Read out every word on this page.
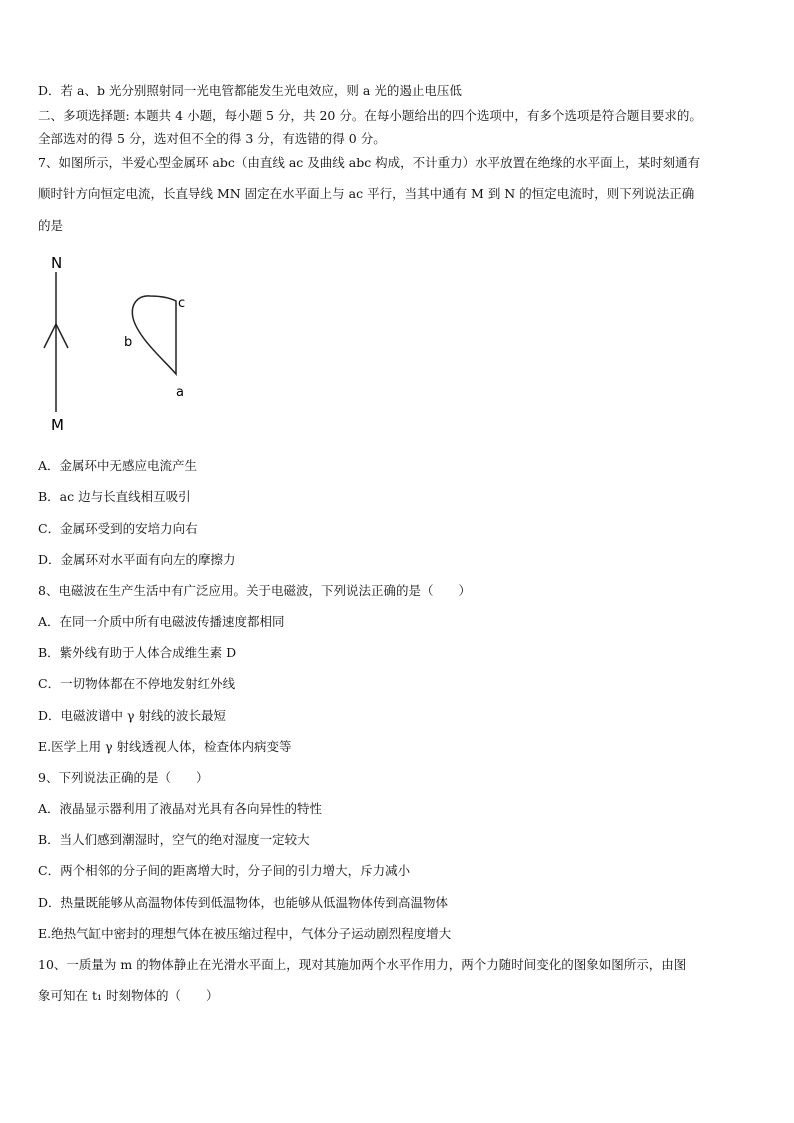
D．若 a、b 光分别照射同一光电管都能发生光电效应，则 a 光的遏止电压低
二、多项选择题: 本题共 4 小题，每小题 5 分，共 20 分。在每小题给出的四个选项中，有多个选项是符合题目要求的。
全部选对的得 5 分，选对但不全的得 3 分，有选错的得 0 分。
7、如图所示，半爱心型金属环 abc（由直线 ac 及曲线 abc 构成，不计重力）水平放置在绝缘的水平面上，某时刻通有
顺时针方向恒定电流，长直导线 MN 固定在水平面上与 ac 平行，当其中通有 M 到 N 的恒定电流时，则下列说法正确
的是
N
M
c
b
a
A．金属环中无感应电流产生
B．ac 边与长直线相互吸引
C．金属环受到的安培力向右
D．金属环对水平面有向左的摩擦力
8、电磁波在生产生活中有广泛应用。关于电磁波，下列说法正确的是（　　）
A．在同一介质中所有电磁波传播速度都相同
B．紫外线有助于人体合成维生素 D
C．一切物体都在不停地发射红外线
D．电磁波谱中 γ 射线的波长最短
E.医学上用 γ 射线透视人体，检查体内病变等
9、下列说法正确的是（　　）
A．液晶显示器利用了液晶对光具有各向异性的特性
B．当人们感到潮湿时，空气的绝对湿度一定较大
C．两个相邻的分子间的距离增大时，分子间的引力增大，斥力减小
D．热量既能够从高温物体传到低温物体，也能够从低温物体传到高温物体
E.绝热气缸中密封的理想气体在被压缩过程中，气体分子运动剧烈程度增大
10、一质量为 m 的物体静止在光滑水平面上，现对其施加两个水平作用力，两个力随时间变化的图象如图所示，由图
象可知在 t₁ 时刻物体的（　　）
